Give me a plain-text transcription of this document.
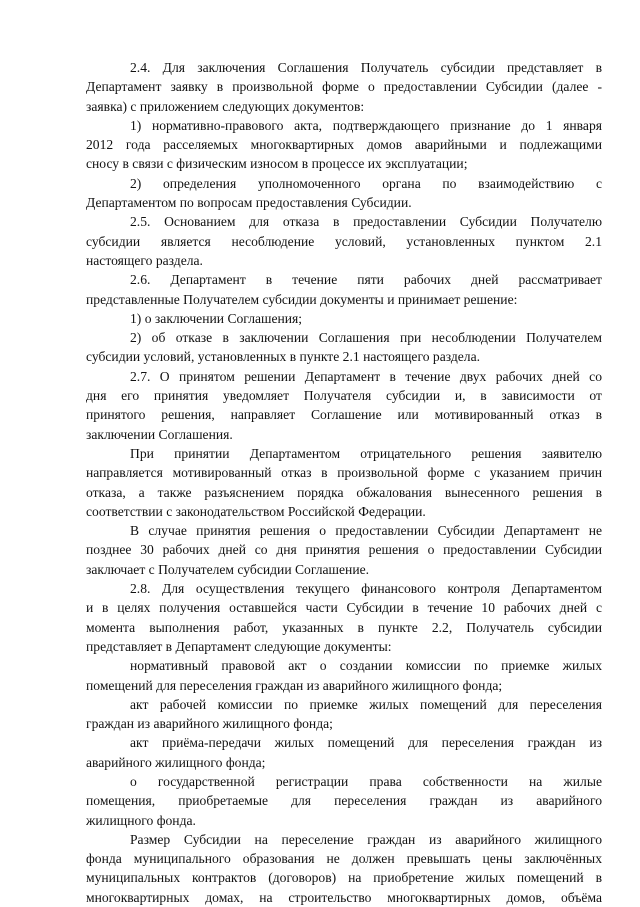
2.4. Для заключения Соглашения Получатель субсидии представляет в
Департамент заявку в произвольной форме о предоставлении Субсидии (далее -
заявка) с приложением следующих документов:
1) нормативно-правового акта, подтверждающего признание до 1 января
2012 года расселяемых многоквартирных домов аварийными и подлежащими
сносу в связи с физическим износом в процессе их эксплуатации;
2) определения уполномоченного органа по взаимодействию с
Департаментом по вопросам предоставления Субсидии.
2.5. Основанием для отказа в предоставлении Субсидии Получателю
субсидии является несоблюдение условий, установленных пунктом 2.1
настоящего раздела.
2.6. Департамент в течение пяти рабочих дней рассматривает
представленные Получателем субсидии документы и принимает решение:
1) о заключении Соглашения;
2) об отказе в заключении Соглашения при несоблюдении Получателем
субсидии условий, установленных в пункте 2.1 настоящего раздела.
2.7. О принятом решении Департамент в течение двух рабочих дней со
дня его принятия уведомляет Получателя субсидии и, в зависимости от
принятого решения, направляет Соглашение или мотивированный отказ в
заключении Соглашения.
При принятии Департаментом отрицательного решения заявителю
направляется мотивированный отказ в произвольной форме с указанием причин
отказа, а также разъяснением порядка обжалования вынесенного решения в
соответствии с законодательством Российской Федерации.
В случае принятия решения о предоставлении Субсидии Департамент не
позднее 30 рабочих дней со дня принятия решения о предоставлении Субсидии
заключает с Получателем субсидии Соглашение.
2.8. Для осуществления текущего финансового контроля Департаментом
и в целях получения оставшейся части Субсидии в течение 10 рабочих дней с
момента выполнения работ, указанных в пункте 2.2, Получатель субсидии
представляет в Департамент следующие документы:
нормативный правовой акт о создании комиссии по приемке жилых
помещений для переселения граждан из аварийного жилищного фонда;
акт рабочей комиссии по приемке жилых помещений для переселения
граждан из аварийного жилищного фонда;
акт приёма-передачи жилых помещений для переселения граждан из
аварийного жилищного фонда;
о государственной регистрации права собственности на жилые
помещения, приобретаемые для переселения граждан из аварийного
жилищного фонда.
Размер Субсидии на переселение граждан из аварийного жилищного
фонда муниципального образования не должен превышать цены заключённых
муниципальных контрактов (договоров) на приобретение жилых помещений в
многоквартирных домах, на строительство многоквартирных домов, объёма
